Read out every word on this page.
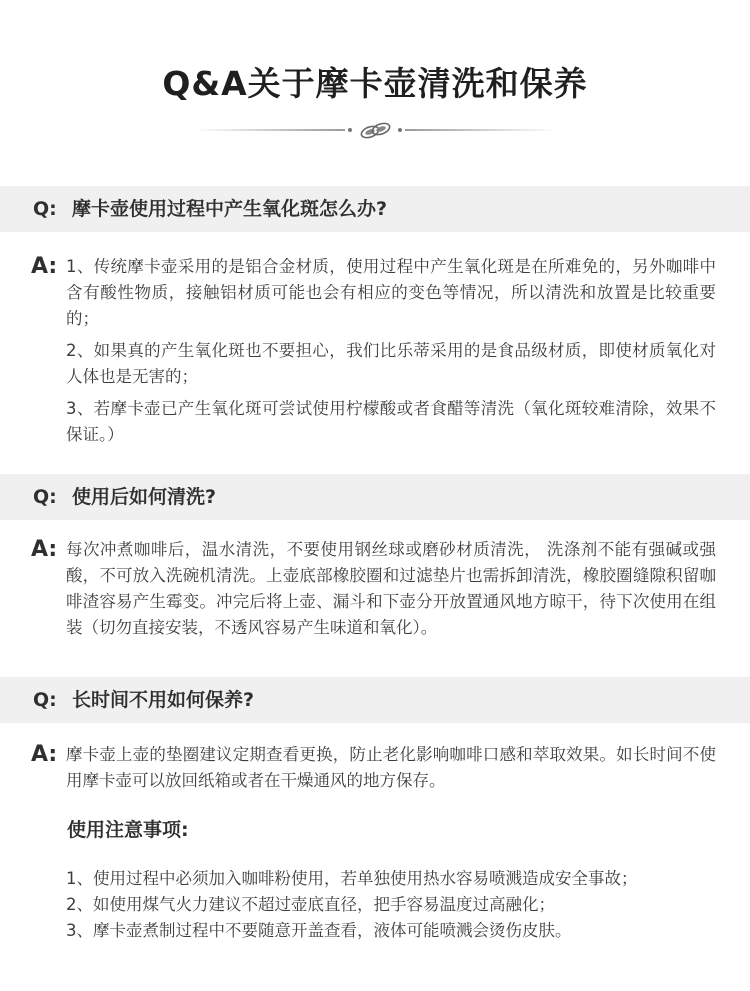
Q&A关于摩卡壶清洗和保养
Q: 摩卡壶使用过程中产生氧化斑怎么办?
A: 1、传统摩卡壶采用的是铝合金材质，使用过程中产生氧化斑是在所难免的，另外咖啡中含有酸性物质，接触铝材质可能也会有相应的变色等情况，所以清洗和放置是比较重要的；
2、如果真的产生氧化斑也不要担心，我们比乐蒂采用的是食品级材质，即使材质氧化对人体也是无害的；
3、若摩卡壶已产生氧化斑可尝试使用柠檬酸或者食醋等清洗（氧化斑较难清除，效果不保证。）
Q: 使用后如何清洗?
A: 每次冲煮咖啡后，温水清洗，不要使用钢丝球或磨砂材质清洗， 洗涤剂不能有强碱或强酸，不可放入洗碗机清洗。上壶底部橡胶圈和过滤垫片也需拆卸清洗，橡胶圈缝隙积留咖啡渣容易产生霉变。冲完后将上壶、漏斗和下壶分开放置通风地方晾干，待下次使用在组装（切勿直接安装，不透风容易产生味道和氧化）。
Q: 长时间不用如何保养?
A: 摩卡壶上壶的垫圈建议定期查看更换，防止老化影响咖啡口感和萃取效果。如长时间不使用摩卡壶可以放回纸箱或者在干燥通风的地方保存。
使用注意事项:
1、使用过程中必须加入咖啡粉使用，若单独使用热水容易喷溅造成安全事故；
2、如使用煤气火力建议不超过壶底直径，把手容易温度过高融化；
3、摩卡壶煮制过程中不要随意开盖查看，液体可能喷溅会烫伤皮肤。
